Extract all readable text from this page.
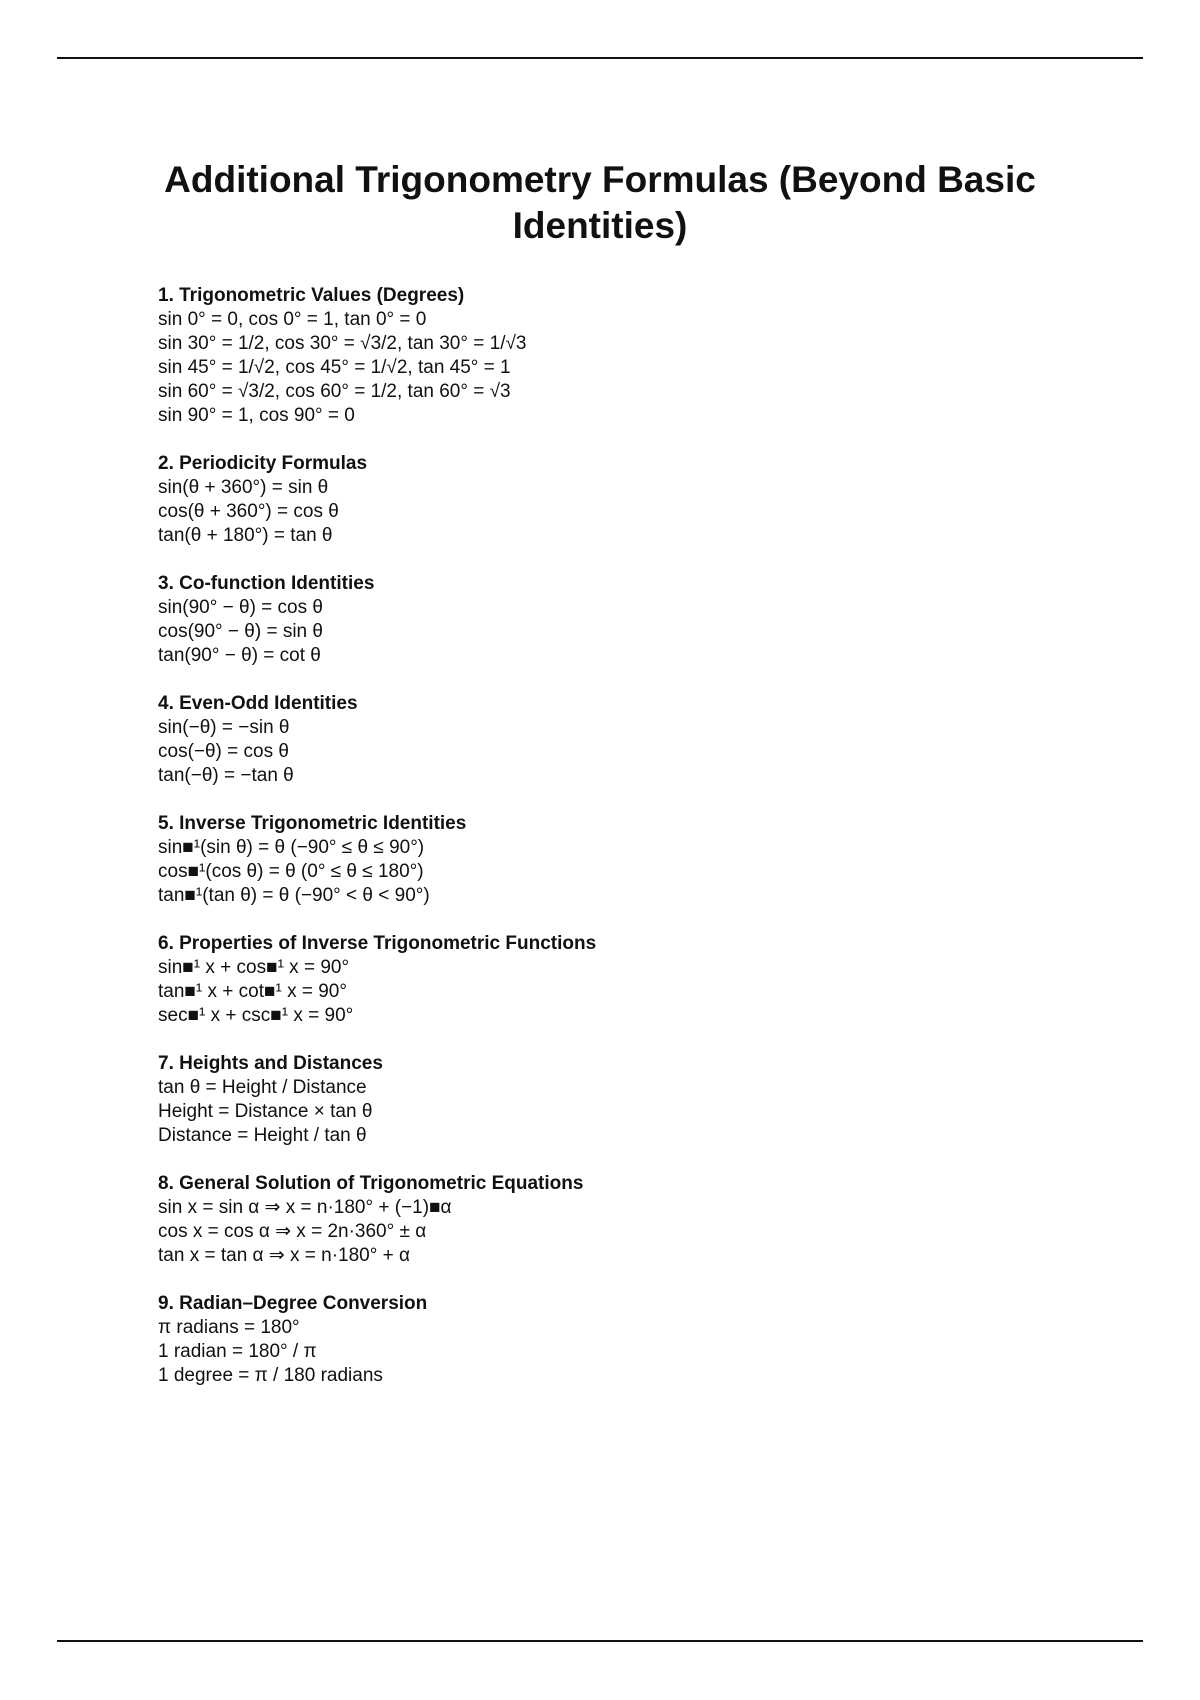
Additional Trigonometry Formulas (Beyond Basic
Identities)

1. Trigonometric Values (Degrees)

sin 0° = 0, cos 0° = 1, tan 0° = 0

sin 30° = 1/2, cos 30° = √3/2, tan 30° = 1/√3

sin 45° = 1/√2, cos 45° = 1/√2, tan 45° = 1

sin 60° = √3/2, cos 60° = 1/2, tan 60° = √3

sin 90° = 1, cos 90° = 0

2. Periodicity Formulas

sin(θ + 360°) = sin θ

cos(θ + 360°) = cos θ

tan(θ + 180°) = tan θ

3. Co-function Identities

sin(90° − θ) = cos θ

cos(90° − θ) = sin θ

tan(90° − θ) = cot θ

4. Even-Odd Identities

sin(−θ) = −sin θ

cos(−θ) = cos θ

tan(−θ) = −tan θ

5. Inverse Trigonometric Identities

sin■¹(sin θ) = θ (−90° ≤ θ ≤ 90°)

cos■¹(cos θ) = θ (0° ≤ θ ≤ 180°)

tan■¹(tan θ) = θ (−90° < θ < 90°)

6. Properties of Inverse Trigonometric Functions

sin■¹ x + cos■¹ x = 90°

tan■¹ x + cot■¹ x = 90°

sec■¹ x + csc■¹ x = 90°

7. Heights and Distances

tan θ = Height / Distance

Height = Distance × tan θ

Distance = Height / tan θ

8. General Solution of Trigonometric Equations

sin x = sin α ⇒ x = n·180° + (−1)■α

cos x = cos α ⇒ x = 2n·360° ± α

tan x = tan α ⇒ x = n·180° + α

9. Radian–Degree Conversion

π radians = 180°

1 radian = 180° / π

1 degree = π / 180 radians
